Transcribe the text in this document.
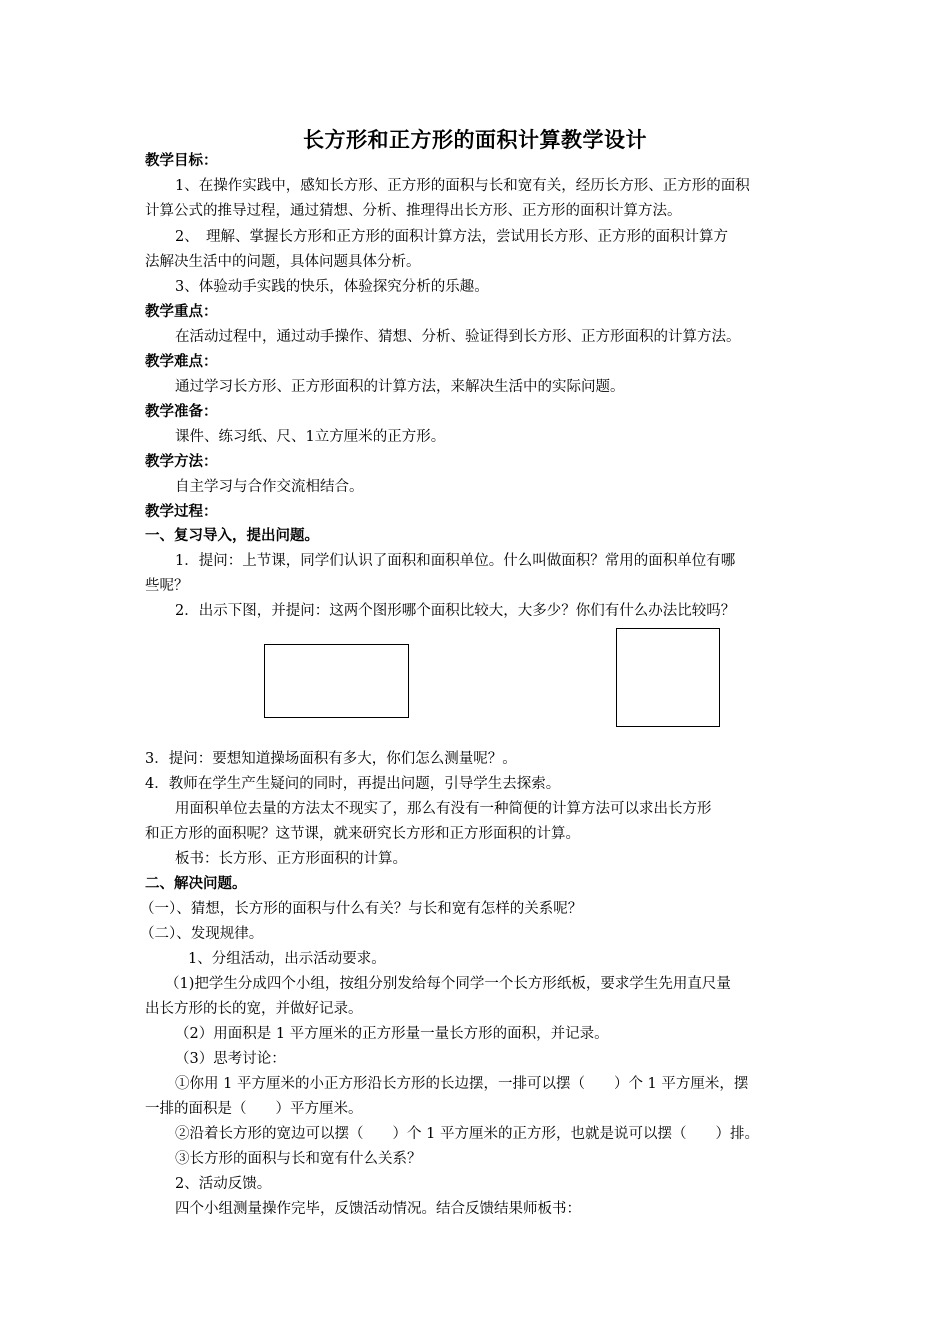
长方形和正方形的面积计算教学设计
教学目标：
1、在操作实践中，感知长方形、正方形的面积与长和宽有关，经历长方形、正方形的面积
计算公式的推导过程，通过猜想、分析、推理得出长方形、正方形的面积计算方法。
2、　理解、掌握长方形和正方形的面积计算方法，尝试用长方形、正方形的面积计算方
法解决生活中的问题，具体问题具体分析。
3、体验动手实践的快乐，体验探究分析的乐趣。
教学重点：
在活动过程中，通过动手操作、猜想、分析、验证得到长方形、正方形面积的计算方法。
教学难点：
通过学习长方形、正方形面积的计算方法，来解决生活中的实际问题。
教学准备：
课件、练习纸、尺、1立方厘米的正方形。
教学方法：
自主学习与合作交流相结合。
教学过程：
一、复习导入，提出问题。
1．提问：上节课，同学们认识了面积和面积单位。什么叫做面积？常用的面积单位有哪
些呢？
2．出示下图，并提问：这两个图形哪个面积比较大，大多少？你们有什么办法比较吗？
3．提问：要想知道操场面积有多大，你们怎么测量呢？。
4．教师在学生产生疑问的同时，再提出问题，引导学生去探索。
用面积单位去量的方法太不现实了，那么有没有一种简便的计算方法可以求出长方形
和正方形的面积呢？这节课，就来研究长方形和正方形面积的计算。
板书：长方形、正方形面积的计算。
二、解决问题。
（一）、猜想，长方形的面积与什么有关？与长和宽有怎样的关系呢？
（二）、发现规律。
1、分组活动，出示活动要求。
（1)把学生分成四个小组，按组分别发给每个同学一个长方形纸板，要求学生先用直尺量
出长方形的长的宽，并做好记录。
（2）用面积是 1 平方厘米的正方形量一量长方形的面积，并记录。
（3）思考讨论：
①你用 1 平方厘米的小正方形沿长方形的长边摆，一排可以摆（　　）个 1 平方厘米，摆
一排的面积是（　　）平方厘米。
②沿着长方形的宽边可以摆（　　）个 1 平方厘米的正方形，也就是说可以摆（　　）排。
③长方形的面积与长和宽有什么关系？
2、活动反馈。
四个小组测量操作完毕，反馈活动情况。结合反馈结果师板书：
